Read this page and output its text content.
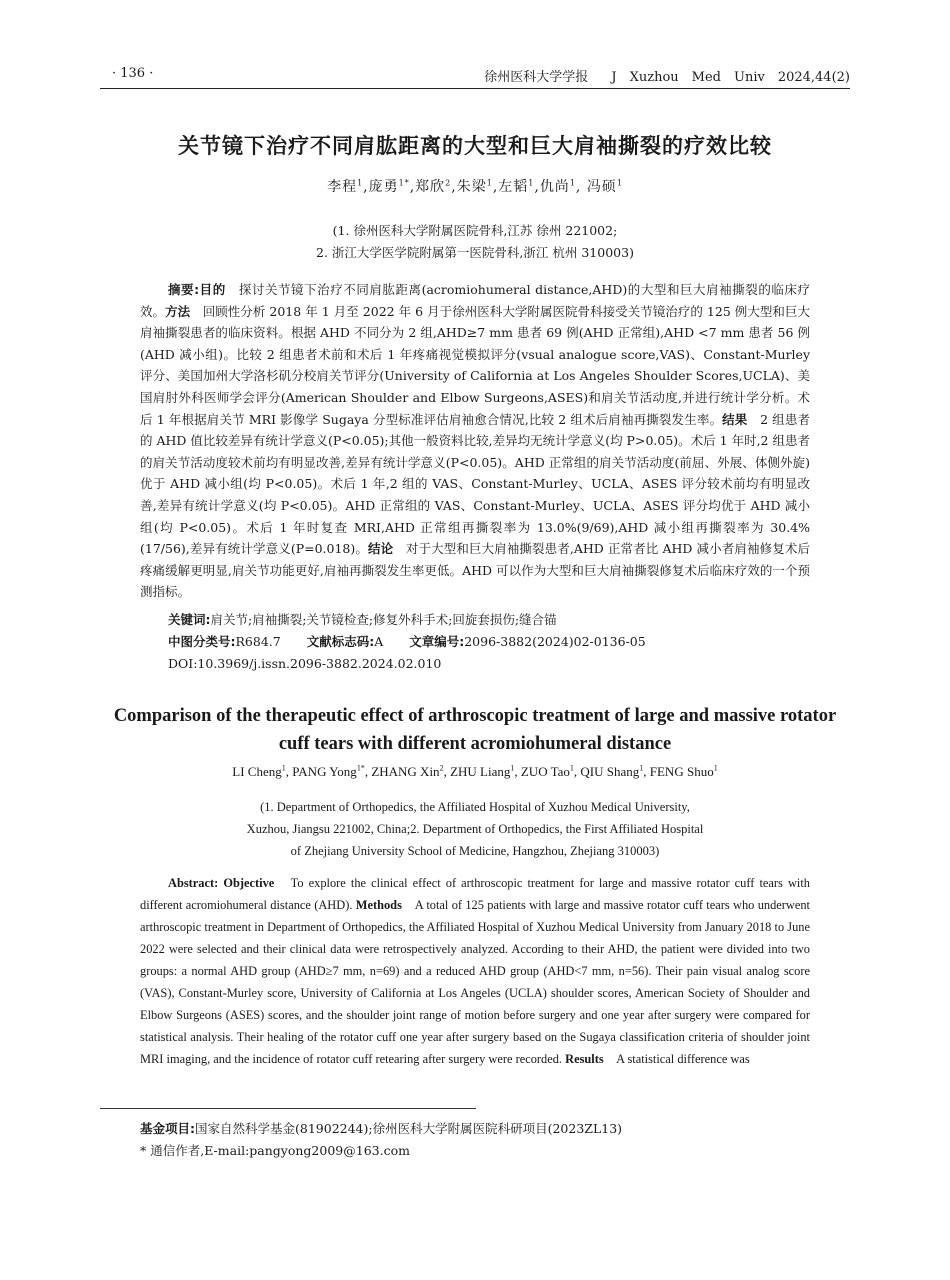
· 136 ·	徐州医科大学学报　 J　Xuzhou　Med　Univ　2024,44(2)
关节镜下治疗不同肩肱距离的大型和巨大肩袖撕裂的疗效比较
李程$^1$,庞勇$^{1*}$,郑欣$^2$,朱梁$^1$,左韬$^1$,仇尚$^1$, 冯硕$^1$
(1. 徐州医科大学附属医院骨科,江苏 徐州 221002;
2. 浙江大学医学院附属第一医院骨科,浙江 杭州 310003)
摘要:目的　探讨关节镜下治疗不同肩肱距离(acromiohumeral distance,AHD)的大型和巨大肩袖撕裂的临床疗效。方法　回顾性分析 2018 年 1 月至 2022 年 6 月于徐州医科大学附属医院骨科接受关节镜治疗的 125 例大型和巨大肩袖撕裂患者的临床资料。根据 AHD 不同分为 2 组,AHD≥7 mm 患者 69 例(AHD 正常组),AHD <7 mm 患者 56 例(AHD 减小组)。比较 2 组患者术前和术后 1 年疼痛视觉模拟评分(vsual analogue score,VAS)、Constant-Murley 评分、美国加州大学洛杉矶分校肩关节评分(University of California at Los Angeles Shoulder Scores,UCLA)、美国肩肘外科医师学会评分(American Shoulder and Elbow Surgeons,ASES)和肩关节活动度,并进行统计学分析。术后 1 年根据肩关节 MRI 影像学 Sugaya 分型标准评估肩袖愈合情况,比较 2 组术后肩袖再撕裂发生率。结果　2 组患者的 AHD 值比较差异有统计学意义(P<0.05);其他一般资料比较,差异均无统计学意义(均 P>0.05)。术后 1 年时,2 组患者的肩关节活动度较术前均有明显改善,差异有统计学意义(P<0.05)。AHD 正常组的肩关节活动度(前屈、外展、体侧外旋)优于 AHD 减小组(均 P<0.05)。术后 1 年,2 组的 VAS、Constant-Murley、UCLA、ASES 评分较术前均有明显改善,差异有统计学意义(均 P<0.05)。AHD 正常组的 VAS、Constant-Murley、UCLA、ASES 评分均优于 AHD 减小组(均 P<0.05)。术后 1 年时复查 MRI,AHD 正常组再撕裂率为 13.0%(9/69),AHD 减小组再撕裂率为 30.4%(17/56),差异有统计学意义(P=0.018)。结论　对于大型和巨大肩袖撕裂患者,AHD 正常者比 AHD 减小者肩袖修复术后疼痛缓解更明显,肩关节功能更好,肩袖再撕裂发生率更低。AHD 可以作为大型和巨大肩袖撕裂修复术后临床疗效的一个预测指标。
关键词:肩关节;肩袖撕裂;关节镜检查;修复外科手术;回旋套损伤;缝合锚
中图分类号:R684.7 文献标志码:A 文章编号:2096-3882(2024)02-0136-05
DOI:10.3969/j.issn.2096-3882.2024.02.010
Comparison of the therapeutic effect of arthroscopic treatment of large and massive rotator cuff tears with different acromiohumeral distance
LI Cheng$^1$, PANG Yong$^{1*}$, ZHANG Xin$^2$, ZHU Liang$^1$, ZUO Tao$^1$, QIU Shang$^1$, FENG Shuo$^1$
(1. Department of Orthopedics, the Affiliated Hospital of Xuzhou Medical University,
Xuzhou, Jiangsu 221002, China;2. Department of Orthopedics, the First Affiliated Hospital
of Zhejiang University School of Medicine, Hangzhou, Zhejiang 310003)
Abstract: Objective　To explore the clinical effect of arthroscopic treatment for large and massive rotator cuff tears with different acromiohumeral distance (AHD). Methods　A total of 125 patients with large and massive rotator cuff tears who underwent arthroscopic treatment in Department of Orthopedics, the Affiliated Hospital of Xuzhou Medical University from January 2018 to June 2022 were selected and their clinical data were retrospectively analyzed. According to their AHD, the patient were divided into two groups: a normal AHD group (AHD≥7 mm, n=69) and a reduced AHD group (AHD<7 mm, n=56). Their pain visual analog score (VAS), Constant-Murley score, University of California at Los Angeles (UCLA) shoulder scores, American Society of Shoulder and Elbow Surgeons (ASES) scores, and the shoulder joint range of motion before surgery and one year after surgery were compared for statistical analysis. Their healing of the rotator cuff one year after surgery based on the Sugaya classification criteria of shoulder joint MRI imaging, and the incidence of rotator cuff retearing after surgery were recorded. Results　A statistical difference was
基金项目:国家自然科学基金(81902244);徐州医科大学附属医院科研项目(2023ZL13)
* 通信作者,E-mail:pangyong2009@163.com
